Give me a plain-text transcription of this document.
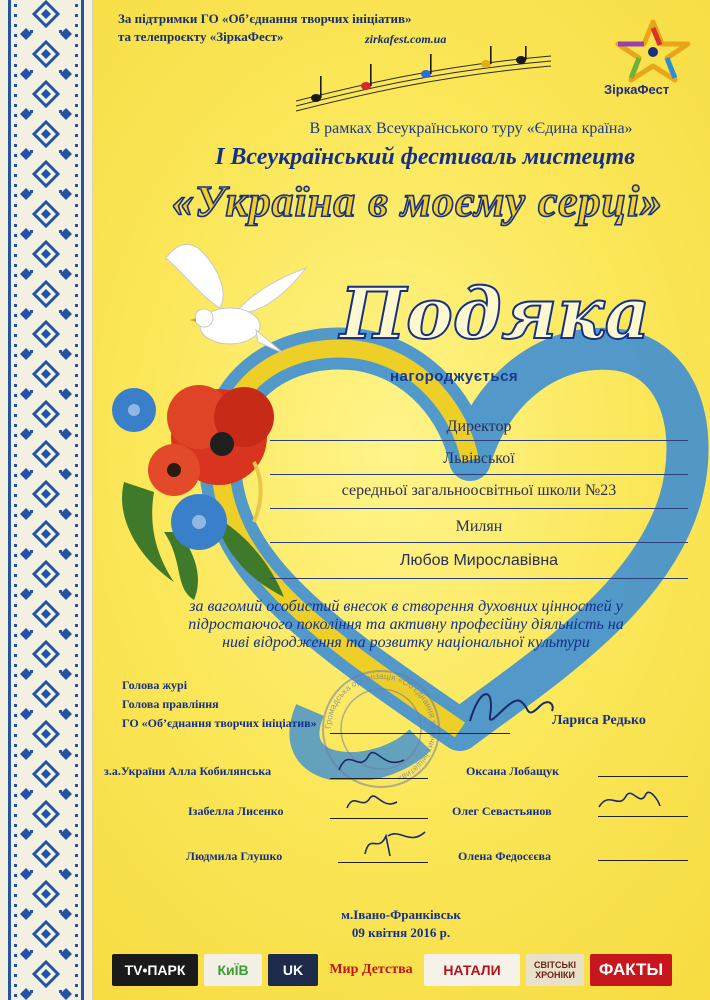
За підтримки ГО «Об’єднання творчих ініціатив»
та телепроєкту «ЗіркаФест»	zirkafest.com.ua
ЗіркаФест
В рамках Всеукраїнського туру «Єдина країна»
І Всеукраїнський фестиваль мистецтв
«Україна в моєму серці»
Подяка
нагороджується
Директор
Львівської
середньої загальноосвітньої школи №23
Милян
Любов Мирославівна
за вагомий особистий внесок в створення духовних цінностей у
підростаючого покоління та активну професійну діяльність на
ниві відродження та розвитку національної культури
Громадська організація «Об’єднання творчих ініціатив»
Голова журі
Голова правління
ГО «Об’єднання творчих ініціатив»	Лариса Редько
з.а.України Алла Кобилянська
Ізабелла Лисенко
Людмила Глушко
Оксана Лобащук
Олег Севастьянов
Олена Федосєєва
м.Івано-Франківськ
09 квітня 2016 р.
TV•ПАРК КиЇВ UK Мир Детства НАТАЛИ	СВІТСЬКІ ХРОНІКИ	ФАКТЫ
